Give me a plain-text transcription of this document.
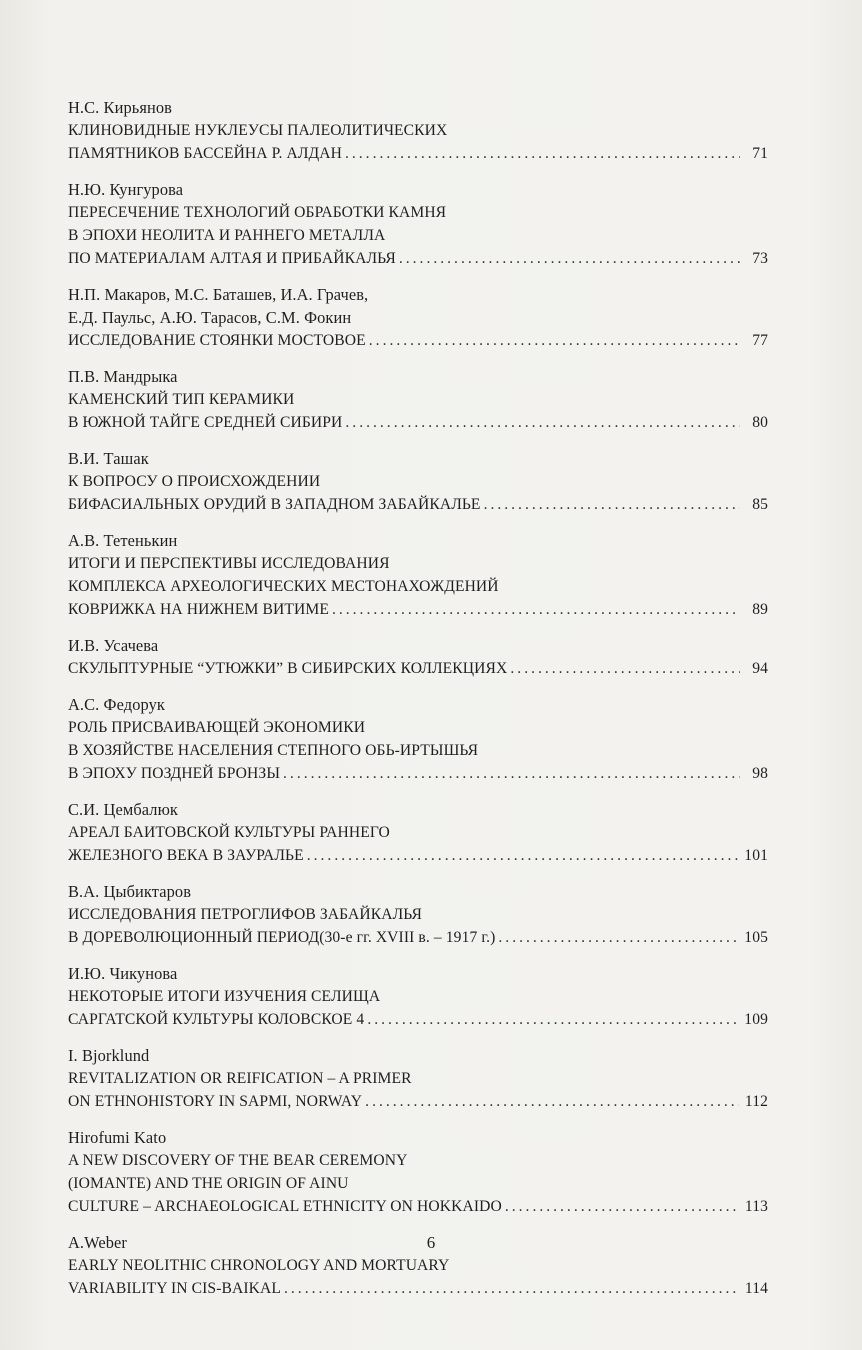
Н.С. Кирьянов
КЛИНОВИДНЫЕ НУКЛЕУСЫ ПАЛЕОЛИТИЧЕСКИХ
ПАМЯТНИКОВ БАССЕЙНА Р. АЛДАН .....	71
Н.Ю. Кунгурова
ПЕРЕСЕЧЕНИЕ ТЕХНОЛОГИЙ ОБРАБОТКИ КАМНЯ
В ЭПОХИ НЕОЛИТА И РАННЕГО МЕТАЛЛА
ПО МАТЕРИАЛАМ АЛТАЯ И ПРИБАЙКАЛЬЯ .....	73
Н.П. Макаров, М.С. Баташев, И.А. Грачев,
Е.Д. Паульс, А.Ю. Тарасов, С.М. Фокин
ИССЛЕДОВАНИЕ СТОЯНКИ МОСТОВОЕ .....	77
П.В. Мандрыка
КАМЕНСКИЙ ТИП КЕРАМИКИ
В ЮЖНОЙ ТАЙГЕ СРЕДНЕЙ СИБИРИ .....	80
В.И. Ташак
К ВОПРОСУ О ПРОИСХОЖДЕНИИ
БИФАСИАЛЬНЫХ ОРУДИЙ В ЗАПАДНОМ ЗАБАЙКАЛЬЕ .....	85
А.В. Тетенькин
ИТОГИ И ПЕРСПЕКТИВЫ ИССЛЕДОВАНИЯ
КОМПЛЕКСА АРХЕОЛОГИЧЕСКИХ МЕСТОНАХОЖДЕНИЙ
КОВРИЖКА НА НИЖНЕМ ВИТИМЕ .....	89
И.В. Усачева
СКУЛЬПТУРНЫЕ “УТЮЖКИ” В СИБИРСКИХ КОЛЛЕКЦИЯХ .....	94
А.С. Федорук
РОЛЬ ПРИСВАИВАЮЩЕЙ ЭКОНОМИКИ
В ХОЗЯЙСТВЕ НАСЕЛЕНИЯ СТЕПНОГО ОБЬ-ИРТЫШЬЯ
В ЭПОХУ ПОЗДНЕЙ БРОНЗЫ .....	98
С.И. Цембалюк
АРЕАЛ БАИТОВСКОЙ КУЛЬТУРЫ РАННЕГО
ЖЕЛЕЗНОГО ВЕКА В ЗАУРАЛЬЕ .....	101
В.А. Цыбиктаров
ИССЛЕДОВАНИЯ ПЕТРОГЛИФОВ ЗАБАЙКАЛЬЯ
В ДОРЕВОЛЮЦИОННЫЙ ПЕРИОД(30-е гг. XVIII в. – 1917 г.) .....	105
И.Ю. Чикунова
НЕКОТОРЫЕ ИТОГИ ИЗУЧЕНИЯ СЕЛИЩА
САРГАТСКОЙ КУЛЬТУРЫ КОЛОВСКОЕ 4 .....	109
I. Bjorklund
REVITALIZATION OR REIFICATION – A PRIMER
ON ETHNOHISTORY IN SAPMI, NORWAY .....	112
Hirofumi Kato
A NEW DISCOVERY OF THE BEAR CEREMONY
(IOMANTE) AND THE ORIGIN OF AINU
CULTURE – ARCHAEOLOGICAL ETHNICITY ON HOKKAIDO .....	113
A.Weber
EARLY NEOLITHIC CHRONOLOGY AND MORTUARY
VARIABILITY IN CIS-BAIKAL .....	114
6
